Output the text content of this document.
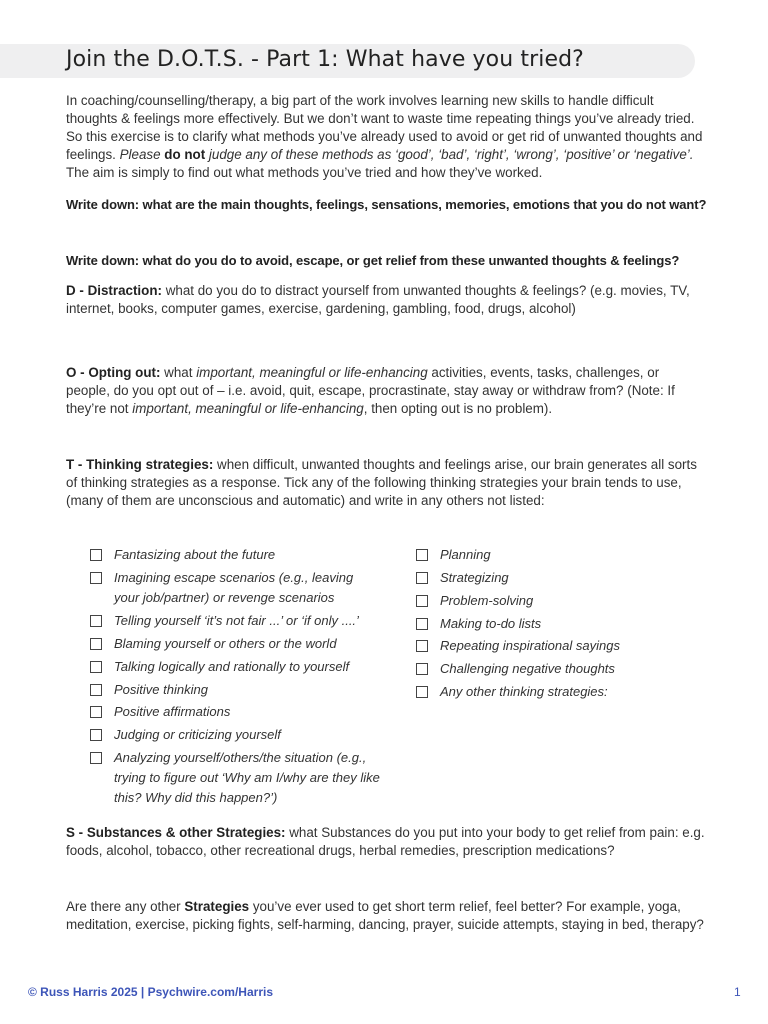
Join the D.O.T.S. - Part 1: What have you tried?

In coaching/counselling/therapy, a big part of the work involves learning new skills to handle difficult thoughts & feelings more effectively. But we don’t want to waste time repeating things you’ve already tried. So this exercise is to clarify what methods you’ve already used to avoid or get rid of unwanted thoughts and feelings. Please do not judge any of these methods as ‘good’, ‘bad’, ‘right’, ‘wrong’, ‘positive’ or ‘negative’. The aim is simply to find out what methods you’ve tried and how they’ve worked.

Write down: what are the main thoughts, feelings, sensations, memories, emotions that you do not want?

Write down: what do you do to avoid, escape, or get relief from these unwanted thoughts & feelings?

D - Distraction: what do you do to distract yourself from unwanted thoughts & feelings? (e.g. movies, TV, internet, books, computer games, exercise, gardening, gambling, food, drugs, alcohol)

O - Opting out: what important, meaningful or life-enhancing activities, events, tasks, challenges, or people, do you opt out of – i.e. avoid, quit, escape, procrastinate, stay away or withdraw from? (Note: If they’re not important, meaningful or life-enhancing, then opting out is no problem).

T - Thinking strategies: when difficult, unwanted thoughts and feelings arise, our brain generates all sorts of thinking strategies as a response. Tick any of the following thinking strategies your brain tends to use, (many of them are unconscious and automatic) and write in any others not listed:

Fantasizing about the future
Imagining escape scenarios (e.g., leaving your job/partner) or revenge scenarios
Telling yourself ‘it’s not fair ...’ or ‘if only ....’
Blaming yourself or others or the world
Talking logically and rationally to yourself
Positive thinking
Positive affirmations
Judging or criticizing yourself
Analyzing yourself/others/the situation (e.g., trying to figure out ‘Why am I/why are they like this? Why did this happen?’)
Planning
Strategizing
Problem-solving
Making to-do lists
Repeating inspirational sayings
Challenging negative thoughts
Any other thinking strategies:

S - Substances & other Strategies: what Substances do you put into your body to get relief from pain: e.g. foods, alcohol, tobacco, other recreational drugs, herbal remedies, prescription medications?

Are there any other Strategies you’ve ever used to get short term relief, feel better? For example, yoga, meditation, exercise, picking fights, self-harming, dancing, prayer, suicide attempts, staying in bed, therapy?

© Russ Harris 2025 | Psychwire.com/Harris	1
